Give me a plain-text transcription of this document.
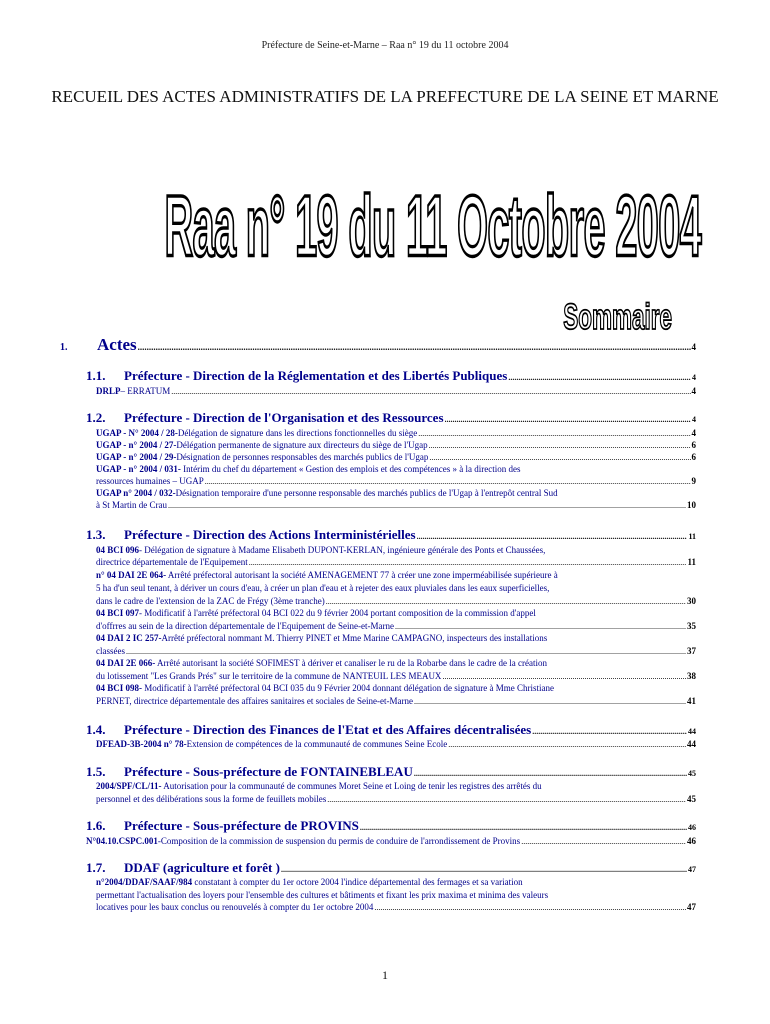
Préfecture de Seine-et-Marne – Raa n° 19 du 11 octobre 2004
RECUEIL DES ACTES ADMINISTRATIFS DE LA PREFECTURE DE LA SEINE ET MARNE
Raa n° 19 du 11 Octobre 2004
Sommaire
1.	Actes .....	4
1.1.	Préfecture - Direction de la Réglementation et des Libertés Publiques .....	4
DRLP – ERRATUM .....	4
1.2.	Préfecture - Direction de l'Organisation et des Ressources .....	4
UGAP - N° 2004 / 28- Délégation de signature dans les directions fonctionnelles du siège .....	4
UGAP - n° 2004 / 27- Délégation permanente de signature aux directeurs du siège de l'Ugap .....	6
UGAP - n° 2004 / 29- Désignation de personnes responsables des marchés publics de l'Ugap .....	6
UGAP - n° 2004 / 031- Intérim du chef du département « Gestion des emplois et des compétences » à la direction des
ressources humaines – UGAP .....	9
UGAP n° 2004 / 032-Désignation temporaire d'une personne responsable des marchés publics de l'Ugap à l'entrepôt central Sud
à St Martin de Crau .....	10
1.3.	Préfecture - Direction des Actions Interministérielles .....	11
04 BCI 096- Délégation de signature à Madame Elisabeth DUPONT-KERLAN, ingénieure générale des Ponts et Chaussées,
directrice départementale de l'Equipement .....	11
n° 04 DAI 2E 064- Arrêté préfectoral autorisant la société AMENAGEMENT 77 à créer une zone imperméabilisée supérieure à
5 ha d'un seul tenant, à dériver un cours d'eau, à créer un plan d'eau et à rejeter des eaux pluviales dans les eaux superficielles,
dans le cadre de l'extension de la ZAC de Frégy (3ème tranche) .....	30
04 BCI 097- Modificatif à l'arrêté préfectoral 04 BCI 022 du 9 février 2004 portant composition de la commission d'appel
d'offrres au sein de la direction départementale de l'Equipement de Seine-et-Marne .....	35
04 DAI 2 IC 257-Arrêté préfectoral nommant M. Thierry PINET et Mme Marine CAMPAGNO, inspecteurs des installations
classées .....	37
04 DAI 2E 066- Arrêté autorisant la société SOFIMEST à dériver et canaliser le ru de la Robarbe dans le cadre de la création
du lotissement "Les Grands Prés" sur le territoire de la commune de NANTEUIL LES MEAUX .....	38
04 BCI 098- Modificatif à l'arrêté préfectoral 04 BCI 035 du 9 Février 2004 donnant délégation de signature à Mme Christiane
PERNET, directrice départementale des affaires sanitaires et sociales de Seine-et-Marne .....	41
1.4.	Préfecture - Direction des Finances de l'Etat et des Affaires décentralisées .....	44
DFEAD-3B-2004 n° 78- Extension de compétences de la communauté de communes Seine Ecole .....	44
1.5.	Préfecture - Sous-préfecture de FONTAINEBLEAU .....	45
2004/SPF/CL/11- Autorisation pour la communauté de communes Moret Seine et Loing de tenir les registres des arrêtés du
personnel et des délibérations sous la forme de feuillets mobiles .....	45
1.6.	Préfecture - Sous-préfecture de PROVINS .....	46
N°04.10.CSPC.001 -Composition de la commission de suspension du permis de conduire de l'arrondissement de Provins .....	46
1.7.	DDAF (agriculture et forêt ) .....	47
n°2004/DDAF/SAAF/984 constatant à compter du 1er octore 2004 l'indice départemental des fermages et sa variation
permettant l'actualisation des loyers pour l'ensemble des cultures et bâtiments et fixant les prix maxima et minima des valeurs
locatives pour les baux conclus ou renouvelés à compter du 1er octobre 2004 .....	47
1
